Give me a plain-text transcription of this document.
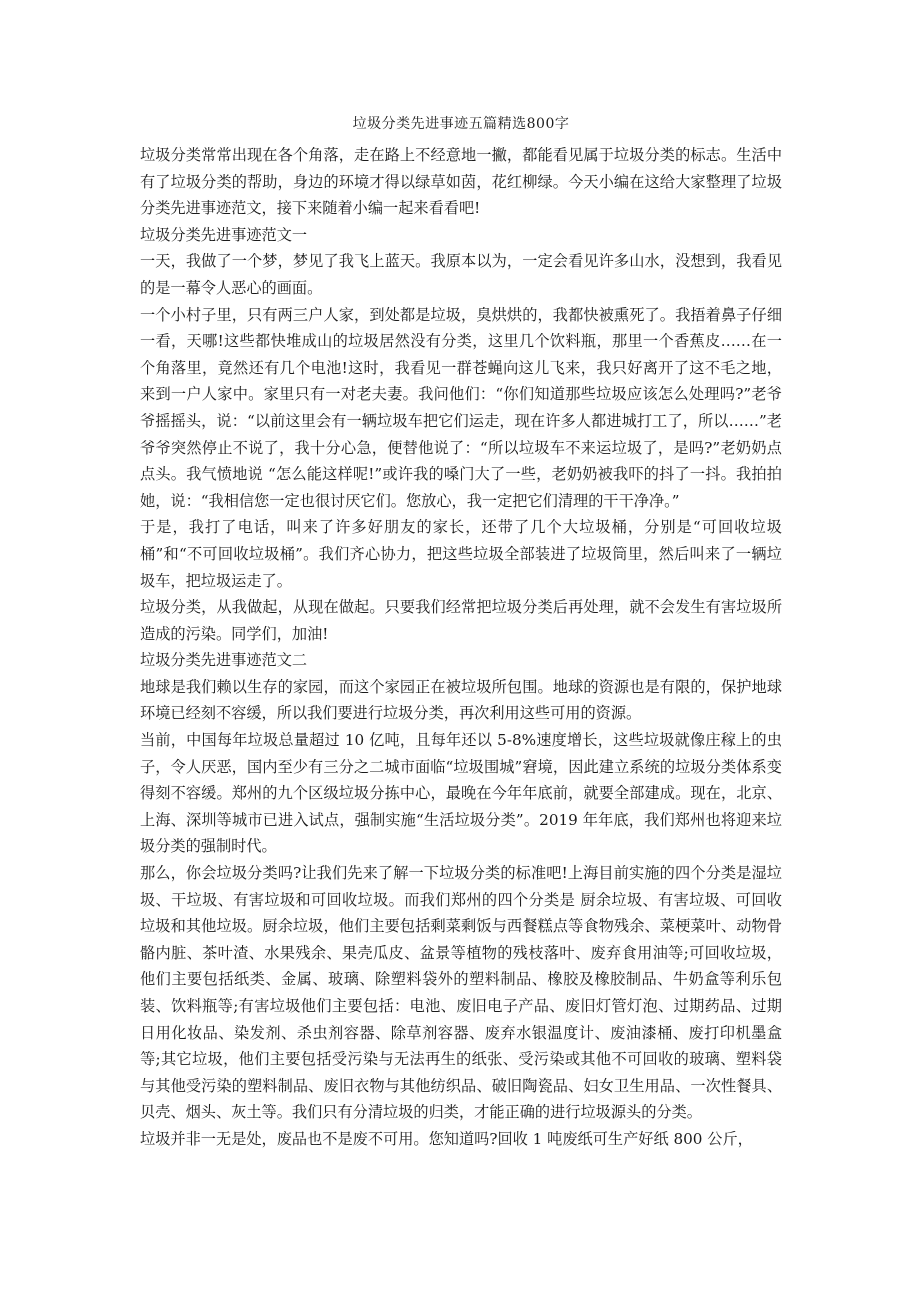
垃圾分类先进事迹五篇精选800字

垃圾分类常常出现在各个角落，走在路上不经意地一撇，都能看见属于垃圾分类的标志。生活中有了垃圾分类的帮助，身边的环境才得以绿草如茵，花红柳绿。今天小编在这给大家整理了垃圾分类先进事迹范文，接下来随着小编一起来看看吧!

垃圾分类先进事迹范文一

一天，我做了一个梦，梦见了我飞上蓝天。我原本以为，一定会看见许多山水，没想到，我看见的是一幕令人恶心的画面。

一个小村子里，只有两三户人家，到处都是垃圾，臭烘烘的，我都快被熏死了。我捂着鼻子仔细一看，天哪!这些都快堆成山的垃圾居然没有分类，这里几个饮料瓶，那里一个香蕉皮……在一个角落里，竟然还有几个电池!这时，我看见一群苍蝇向这儿飞来，我只好离开了这不毛之地，来到一户人家中。家里只有一对老夫妻。我问他们：“你们知道那些垃圾应该怎么处理吗?”老爷爷摇摇头，说：“以前这里会有一辆垃圾车把它们运走，现在许多人都进城打工了，所以……”老爷爷突然停止不说了，我十分心急，便替他说了：“所以垃圾车不来运垃圾了，是吗?”老奶奶点点头。我气愤地说 “怎么能这样呢!”或许我的嗓门大了一些，老奶奶被我吓的抖了一抖。我拍拍她，说：“我相信您一定也很讨厌它们。您放心，我一定把它们清理的干干净净。”

于是，我打了电话，叫来了许多好朋友的家长，还带了几个大垃圾桶，分别是“可回收垃圾桶”和“不可回收垃圾桶”。我们齐心协力，把这些垃圾全部装进了垃圾筒里，然后叫来了一辆垃圾车，把垃圾运走了。

垃圾分类，从我做起，从现在做起。只要我们经常把垃圾分类后再处理，就不会发生有害垃圾所造成的污染。同学们，加油!

垃圾分类先进事迹范文二

地球是我们赖以生存的家园，而这个家园正在被垃圾所包围。地球的资源也是有限的，保护地球环境已经刻不容缓，所以我们要进行垃圾分类，再次利用这些可用的资源。

当前，中国每年垃圾总量超过 10 亿吨，且每年还以 5-8%速度增长，这些垃圾就像庄稼上的虫子，令人厌恶，国内至少有三分之二城市面临“垃圾围城”窘境，因此建立系统的垃圾分类体系变得刻不容缓。郑州的九个区级垃圾分拣中心，最晚在今年年底前，就要全部建成。现在，北京、上海、深圳等城市已进入试点，强制实施“生活垃圾分类”。2019 年年底，我们郑州也将迎来垃圾分类的强制时代。

那么，你会垃圾分类吗?让我们先来了解一下垃圾分类的标准吧!上海目前实施的四个分类是湿垃圾、干垃圾、有害垃圾和可回收垃圾。而我们郑州的四个分类是 厨余垃圾、有害垃圾、可回收垃圾和其他垃圾。厨余垃圾，他们主要包括剩菜剩饭与西餐糕点等食物残余、菜梗菜叶、动物骨骼内脏、茶叶渣、水果残余、果壳瓜皮、盆景等植物的残枝落叶、废弃食用油等;可回收垃圾，他们主要包括纸类、金属、玻璃、除塑料袋外的塑料制品、橡胶及橡胶制品、牛奶盒等利乐包装、饮料瓶等;有害垃圾他们主要包括：电池、废旧电子产品、废旧灯管灯泡、过期药品、过期日用化妆品、染发剂、杀虫剂容器、除草剂容器、废弃水银温度计、废油漆桶、废打印机墨盒等;其它垃圾，他们主要包括受污染与无法再生的纸张、受污染或其他不可回收的玻璃、塑料袋与其他受污染的塑料制品、废旧衣物与其他纺织品、破旧陶瓷品、妇女卫生用品、一次性餐具、贝壳、烟头、灰土等。我们只有分清垃圾的归类，才能正确的进行垃圾源头的分类。

垃圾并非一无是处，废品也不是废不可用。您知道吗?回收 1 吨废纸可生产好纸 800 公斤，
